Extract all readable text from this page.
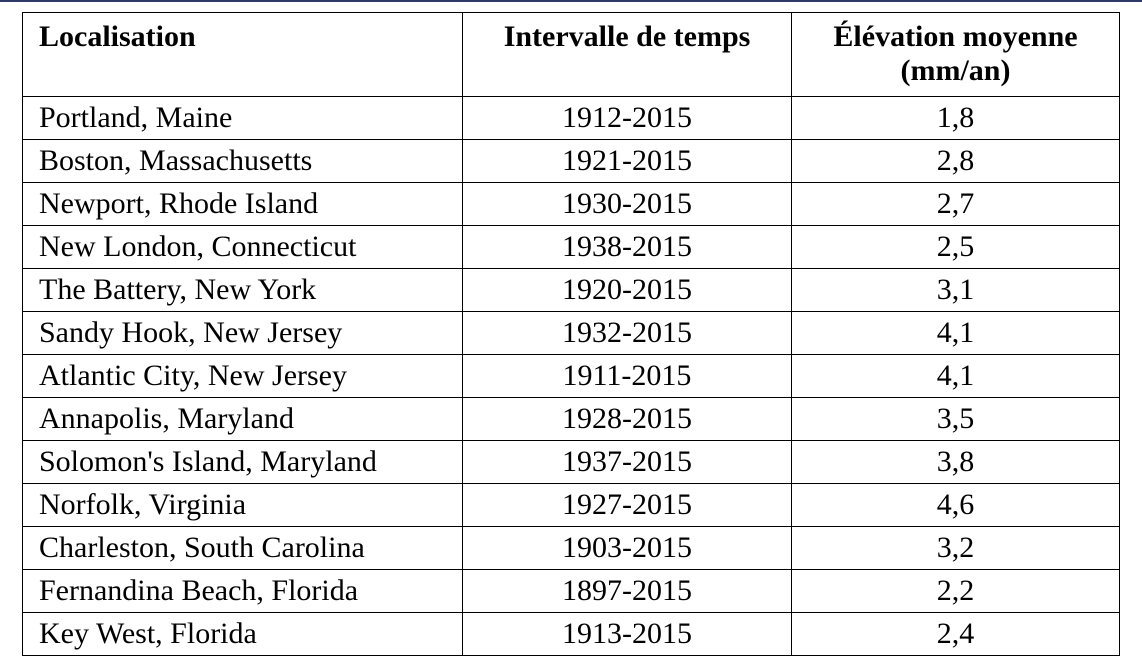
Localisation	Intervalle de temps	Élévation moyenne
(mm/an)
Portland, Maine	1912-2015	1,8
Boston, Massachusetts	1921-2015	2,8
Newport, Rhode Island	1930-2015	2,7
New London, Connecticut	1938-2015	2,5
The Battery, New York	1920-2015	3,1
Sandy Hook, New Jersey	1932-2015	4,1
Atlantic City, New Jersey	1911-2015	4,1
Annapolis, Maryland	1928-2015	3,5
Solomon's Island, Maryland	1937-2015	3,8
Norfolk, Virginia	1927-2015	4,6
Charleston, South Carolina	1903-2015	3,2
Fernandina Beach, Florida	1897-2015	2,2
Key West, Florida	1913-2015	2,4
